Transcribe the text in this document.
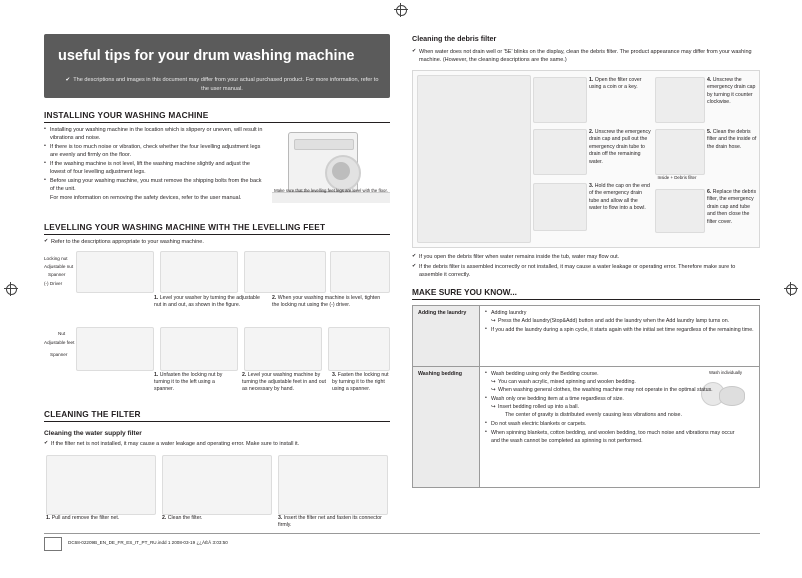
useful tips for your drum washing machine
✔ The descriptions and images in this document may differ from your actual purchased product. For more information, refer to the user manual.
INSTALLING YOUR WASHING MACHINE
• Installing your washing machine in the location which is slippery or uneven, will result in vibrations and noise.
• If there is too much noise or vibration, check whether the four levelling adjustment legs are evenly and firmly on the floor.
• If the washing machine is not level, lift the washing machine slightly and adjust the lowest of four levelling adjustment legs.
• Before using your washing machine, you must remove the shipping bolts from the back of the unit.
For more information on removing the safety devices, refer to the user manual.
Make sure that the levelling feet legs are level with the floor.
LEVELLING YOUR WASHING MACHINE WITH THE LEVELLING FEET
✔ Refer to the descriptions appropriate to your washing machine.
Locking nut
Adjustable nut
Spanner
(-) Driver
1. Level your washer by turning the adjustable nut in and out, as shown in the figure.
2. When your washing machine is level, tighten the locking nut using the (-) driver.
Nut
Adjustable feet
Spanner
1. Unfasten the locking nut by turning it to the left using a spanner.
2. Level your washing machine by turning the adjustable feet in and out as necessary by hand.
3. Fasten the locking nut by turning it to the right using a spanner.
CLEANING THE FILTER
Cleaning the water supply filter
✔ If the filter net is not installed, it may cause a water leakage and operating error. Make sure to install it.
1. Pull and remove the filter net.	2. Clean the filter.	3. Insert the filter net and fasten its connector firmly.
Cleaning the debris filter
✔ When water does not drain well or '5E' blinks on the display, clean the debris filter. The product appearance may differ from your washing machine. (However, the cleaning descriptions are the same.)
1. Open the filter cover using a coin or a key.
2. Unscrew the emergency drain cap and pull out the emergency drain tube to drain off the remaining water.
3. Hold the cap on the end of the emergency drain tube and allow all the water to flow into a bowl.
4. Unscrew the emergency drain cap by turning it counter clockwise.
5. Clean the debris filter and the inside of the drain hose.
Inside + Debris filter
6. Replace the debris filter, the emergency drain cap and tube and then close the filter cover.
✔ If you open the debris filter when water remains inside the tub, water may flow out.
✔ If the debris filter is assembled incorrectly or not installed, it may cause a water leakage or operating error. Therefore make sure to assemble it correctly.
MAKE SURE YOU KNOW...
Adding the laundry	
•Adding laundry
↪ Press the Add laundry(Stop&Add) button and add the laundry when the Add laundry lamp turns on.
• If you add the laundry during a spin cycle, it starts again with the initial set time regardless of the remaining time.

Washing bedding	Wash individually
• Wash bedding using only the Bedding course.
↪ You can wash acrylic, mixed spinning and woolen bedding.
↪ When washing general clothes, the washing machine may not operate in the optimal status.
• Wash only one bedding item at a time regardless of size.
↪ Insert bedding rolled up into a ball.
The center of gravity is distributed evenly causing less vibrations and noise.
• Do not wash electric blankets or carpets.
• When spinning blankets, cotton bedding, and woolen bedding, too much noise and vibrations may occur and the wash cannot be completed as spinning is not performed.
DC68-02209B_EN_DE_FR_ES_IT_PT_RU.indd 1 2008-03-19 ¿¿ÀÈÂ 3:03:50
